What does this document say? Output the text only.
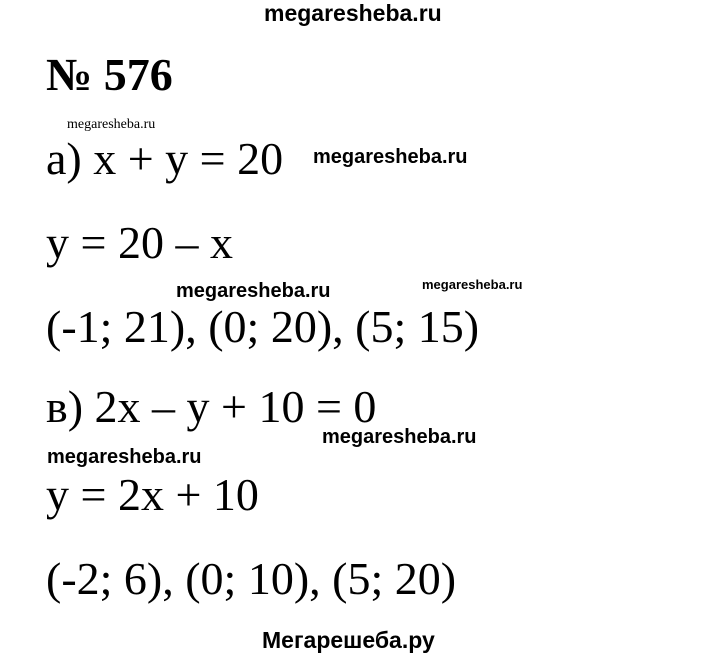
megaresheba.ru
№ 576
а) x + y = 20
megaresheba.ru
megaresheba.ru
y = 20 – x
megaresheba.ru	megaresheba.ru
(-1; 21), (0; 20), (5; 15)
в) 2x – y + 10 = 0
megaresheba.ru
megaresheba.ru
y = 2x + 10
(-2; 6), (0; 10), (5; 20)
Мегарешеба.ру
